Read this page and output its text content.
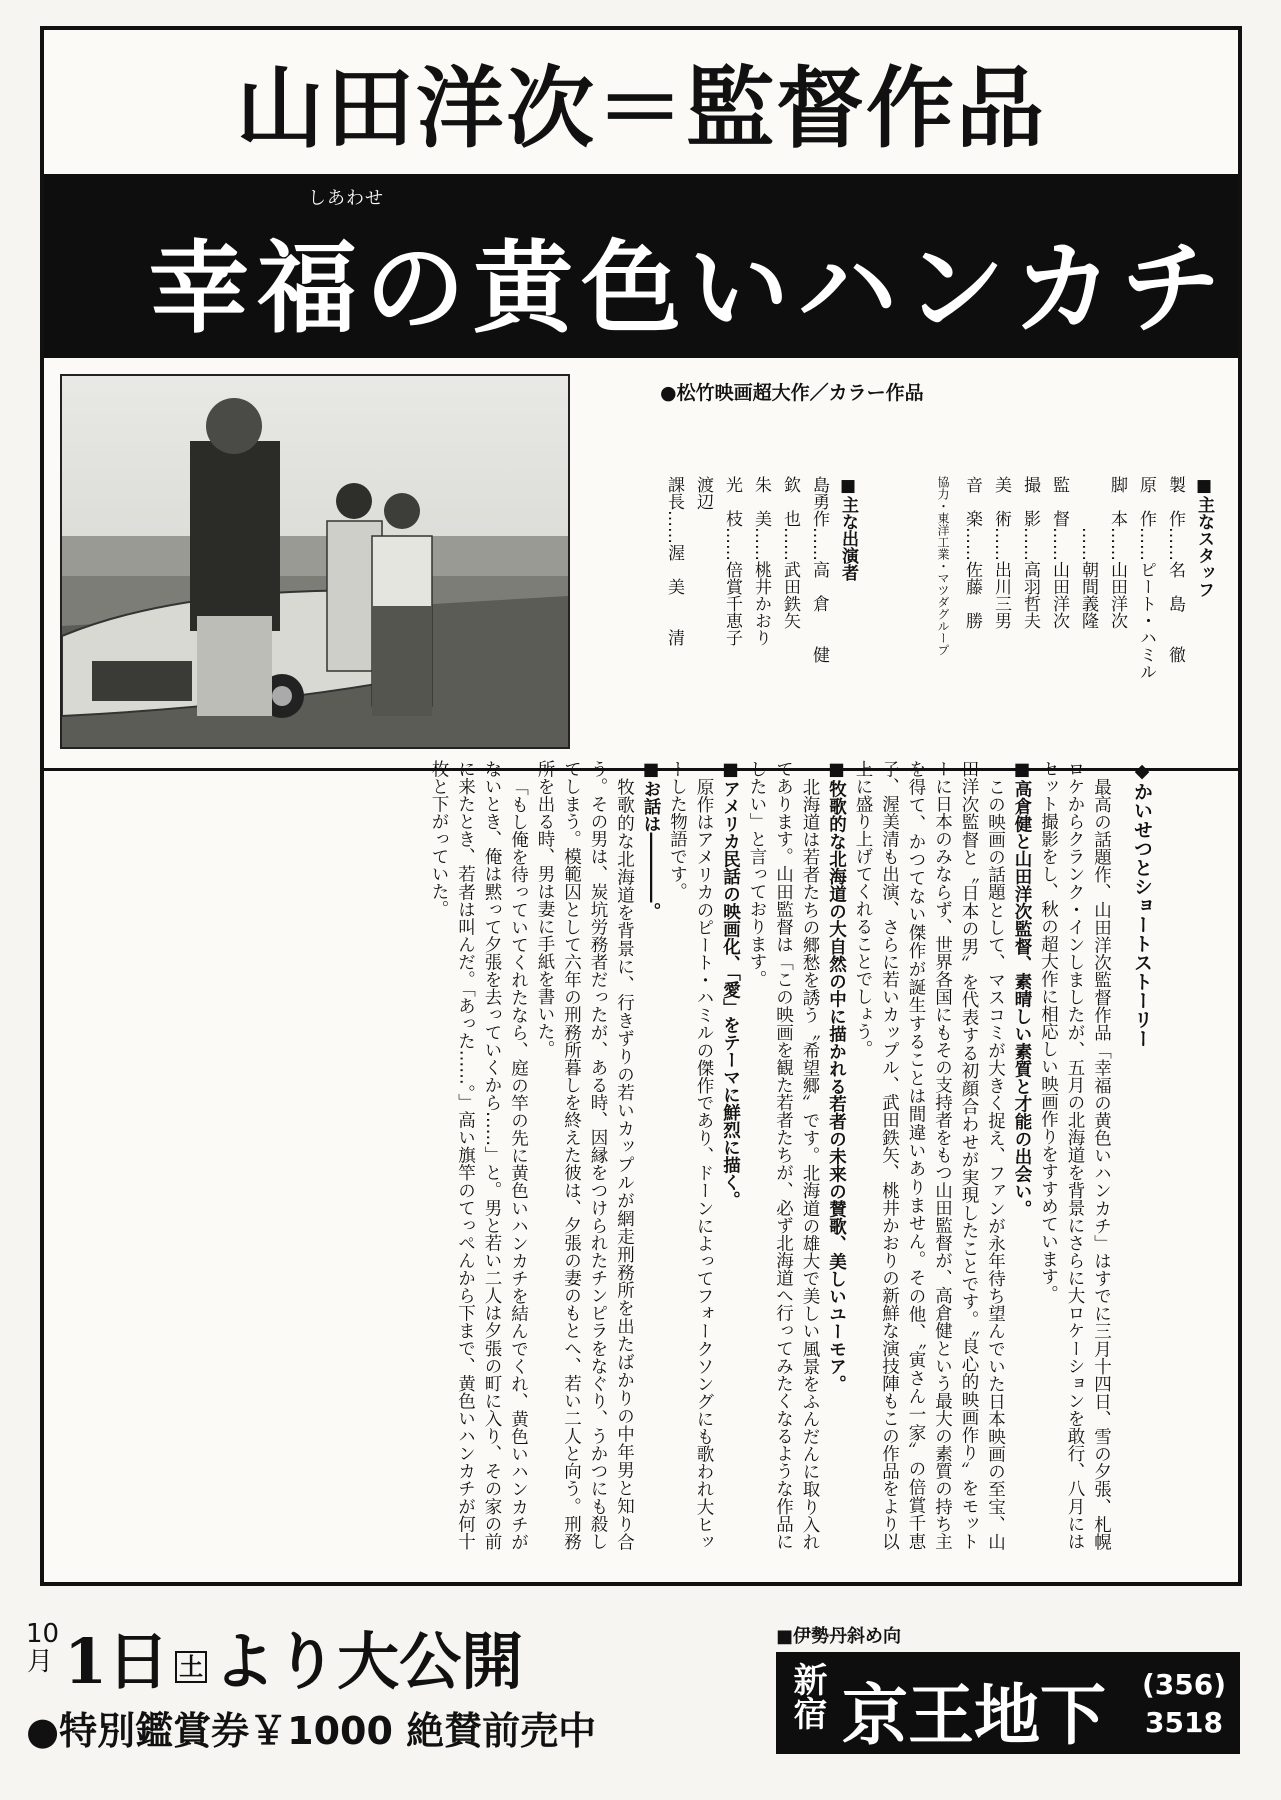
山田洋次＝監督作品
しあわせ
幸福の黄色いハンカチ
●松竹映画超大作／カラー作品
■主なスタッフ
製　作……名　島　　徹
原　作……ピート・ハミル
脚　本……山田洋次
　　　……朝間義隆
監　督……山田洋次
撮　影……高羽哲夫
美　術……出川三男
音　楽……佐藤　勝
協力・東洋工業・マツダグループ
■主な出演者
島勇作……高　倉　　健
欽　也……武田鉄矢
朱　美……桃井かおり
光　枝……倍賞千恵子
渡辺
課長……渥　美　　清

◆かいせつとショートストーリー

最高の話題作、山田洋次監督作品「幸福の黄色いハンカチ」はすでに三月十四日、雪の夕張、札幌ロケからクランク・インしましたが、五月の北海道を背景にさらに大ロケーションを敢行、八月にはセット撮影をし、秋の超大作に相応しい映画作りをすすめています。

■高倉健と山田洋次監督、素晴しい素質と才能の出会い。

この映画の話題として、マスコミが大きく捉え、ファンが永年待ち望んでいた日本映画の至宝、山田洋次監督と〝日本の男〟を代表する初顔合わせが実現したことです。〝良心的映画作り〟をモットーに日本のみならず、世界各国にもその支持者をもつ山田監督が、高倉健という最大の素質の持ち主を得て、かつてない傑作が誕生することは間違いありません。その他、〝寅さん一家〟の倍賞千恵子、渥美清も出演、さらに若いカップル、武田鉄矢、桃井かおりの新鮮な演技陣もこの作品をより以上に盛り上げてくれることでしょう。

■牧歌的な北海道の大自然の中に描かれる若者の未来の賛歌、美しいユーモア。

北海道は若者たちの郷愁を誘う〝希望郷〟です。北海道の雄大で美しい風景をふんだんに取り入れてあります。山田監督は「この映画を観た若者たちが、必ず北海道へ行ってみたくなるような作品にしたい」と言っております。

■アメリカ民話の映画化、「愛」をテーマに鮮烈に描く。

原作はアメリカのピート・ハミルの傑作であり、ドーンによってフォークソングにも歌われ大ヒットした物語です。

■お話は――――。

牧歌的な北海道を背景に、行きずりの若いカップルが網走刑務所を出たばかりの中年男と知り合う。その男は、炭坑労務者だったが、ある時、因縁をつけられたチンピラをなぐり、うかつにも殺してしまう。模範囚として六年の刑務所暮しを終えた彼は、夕張の妻のもとへ、若い二人と向う。刑務所を出る時、男は妻に手紙を書いた。

「もし俺を待っていてくれたなら、庭の竿の先に黄色いハンカチを結んでくれ、黄色いハンカチがないとき、俺は黙って夕張を去っていくから……」と。男と若い二人は夕張の町に入り、その家の前に来たとき、若者は叫んだ。「あった……。」高い旗竿のてっぺんから下まで、黄色いハンカチが何十枚と下がっていた。

10
月 1日 土 より大公開
●特別鑑賞券￥1000 絶賛前売中
■伊勢丹斜め向
新宿 京王地下 (356)
3518
